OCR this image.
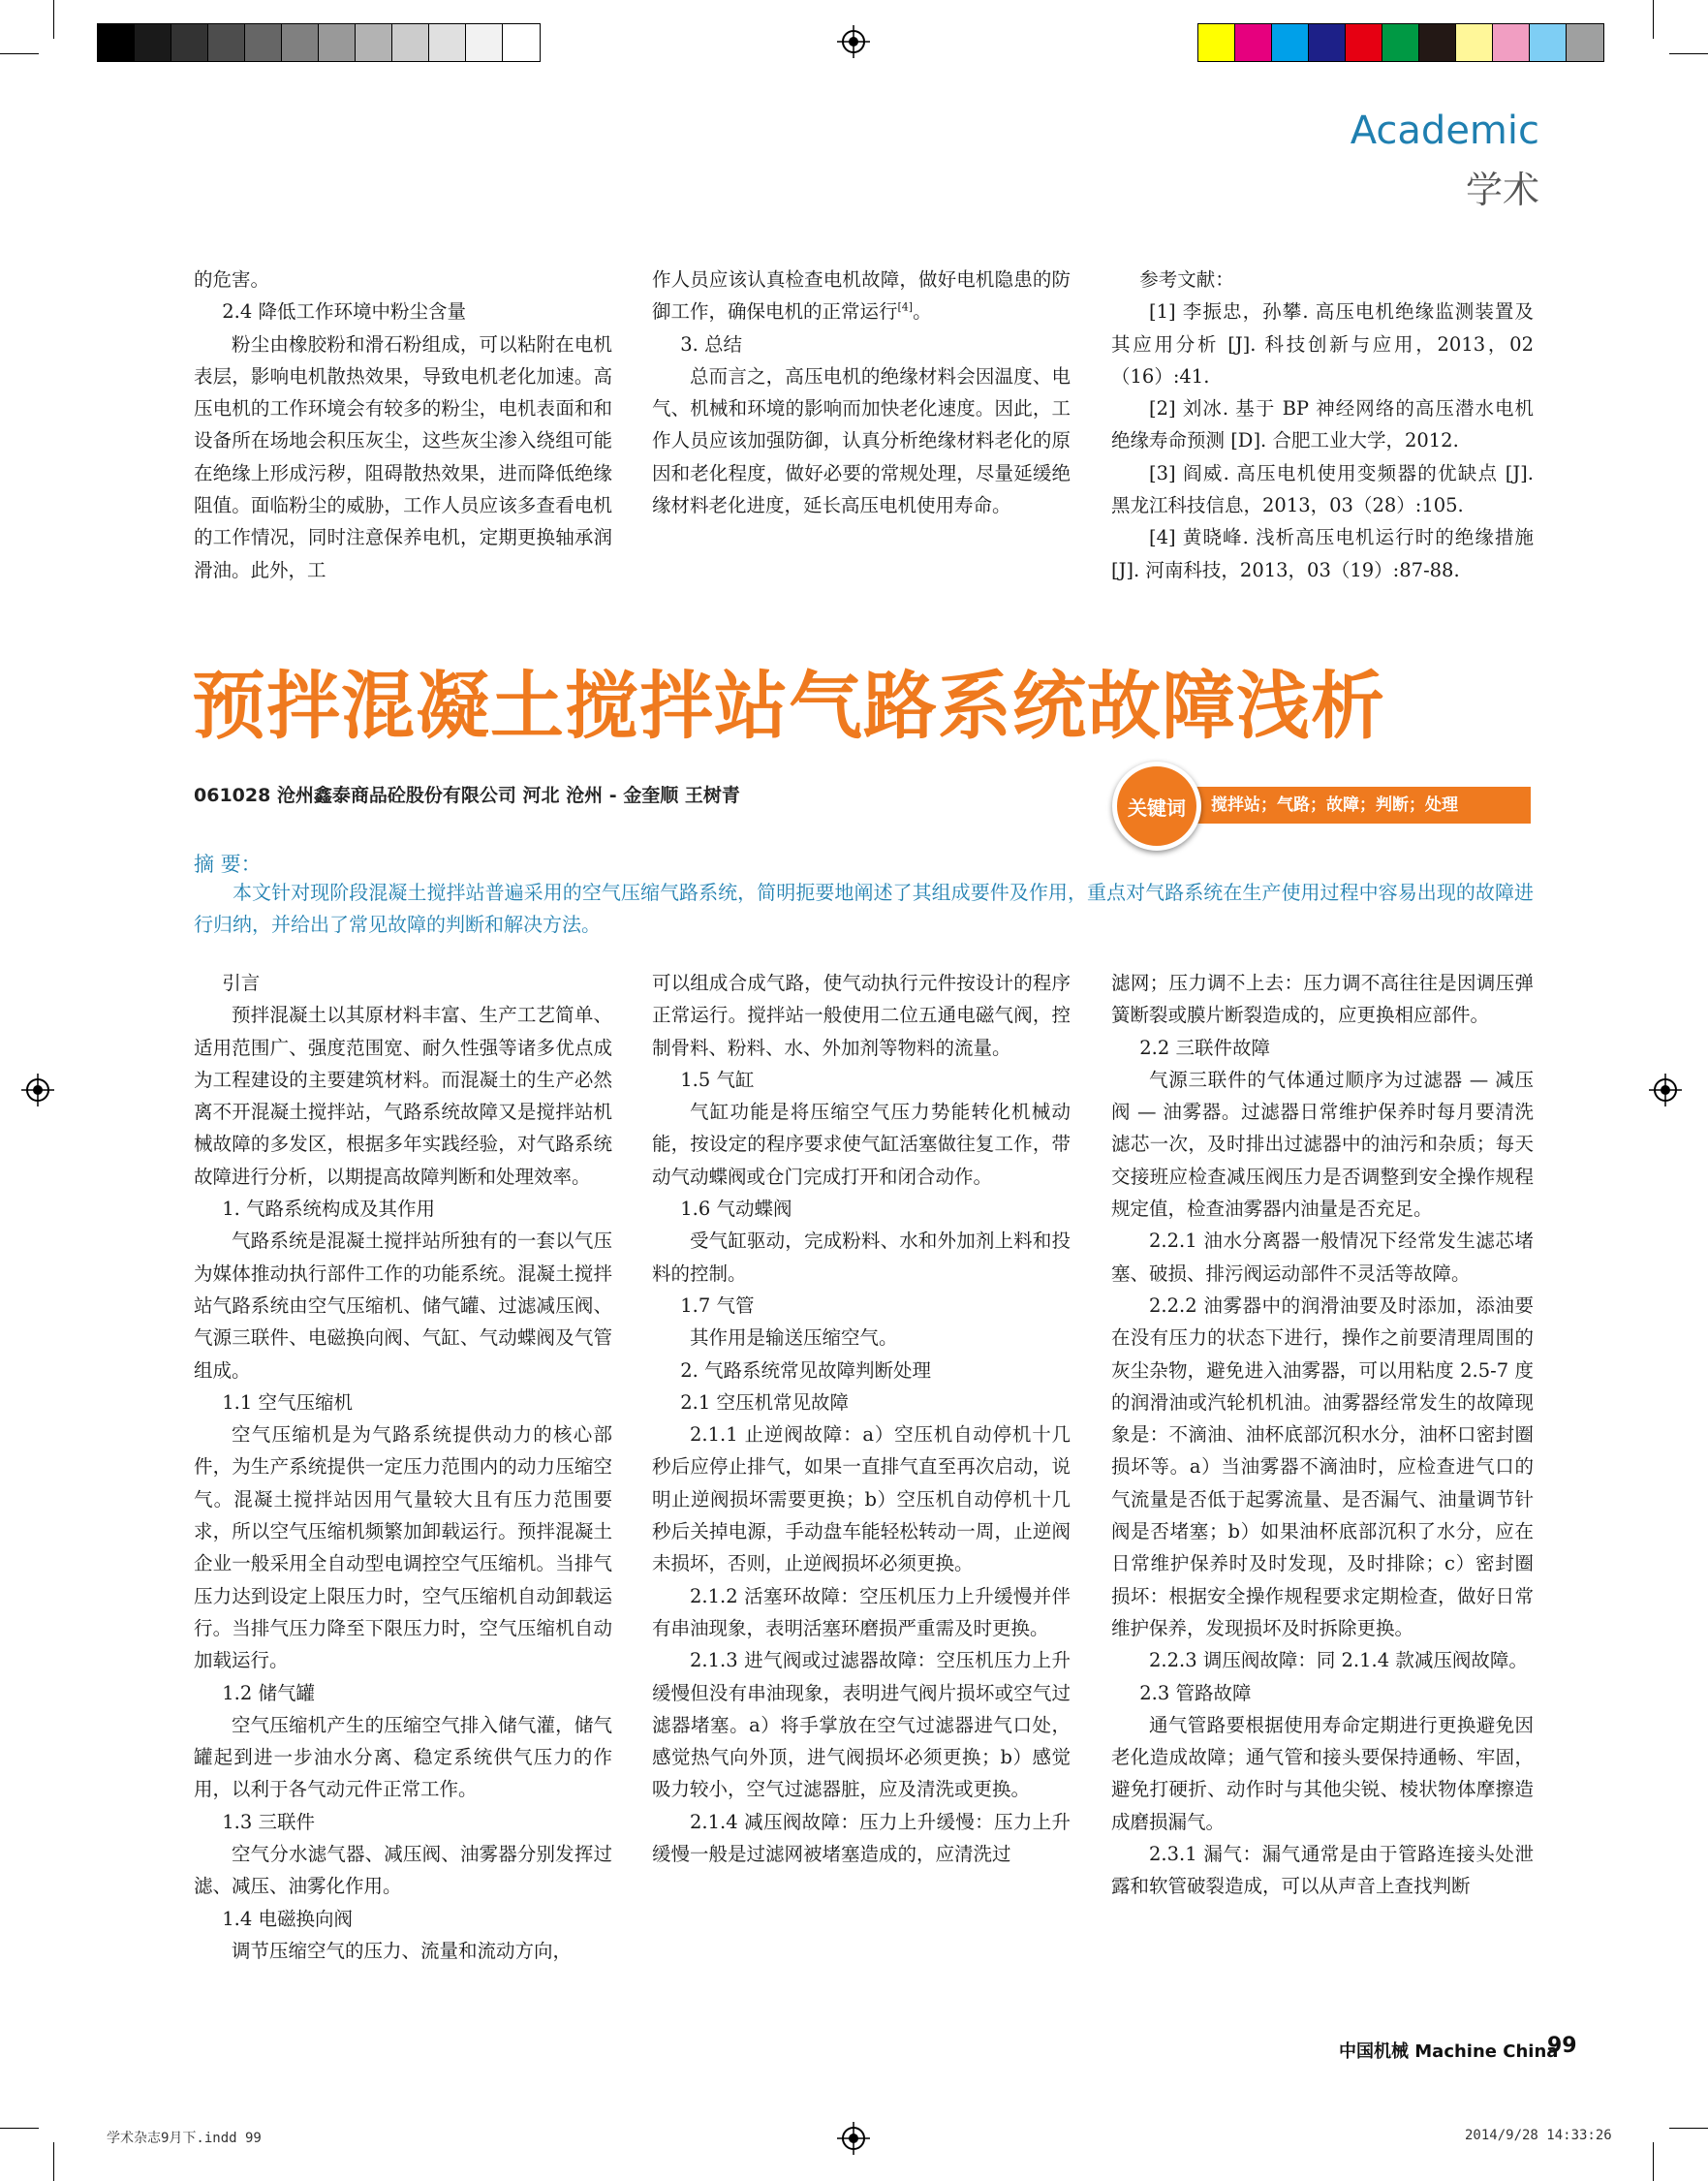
Academic
学术

的危害。

2.4 降低工作环境中粉尘含量

粉尘由橡胶粉和滑石粉组成，可以粘附在电机表层，影响电机散热效果，导致电机老化加速。高压电机的工作环境会有较多的粉尘，电机表面和和设备所在场地会积压灰尘，这些灰尘渗入绕组可能在绝缘上形成污秽，阻碍散热效果，进而降低绝缘阻值。面临粉尘的威胁，工作人员应该多查看电机的工作情况，同时注意保养电机，定期更换轴承润滑油。此外，工

作人员应该认真检查电机故障，做好电机隐患的防御工作，确保电机的正常运行[4]。

3. 总结

总而言之，高压电机的绝缘材料会因温度、电气、机械和环境的影响而加快老化速度。因此，工作人员应该加强防御，认真分析绝缘材料老化的原因和老化程度，做好必要的常规处理，尽量延缓绝缘材料老化进度，延长高压电机使用寿命。

参考文献：

[1] 李振忠，孙攀. 高压电机绝缘监测装置及其应用分析 [J]. 科技创新与应用，2013，02（16）:41.

[2] 刘冰. 基于 BP 神经网络的高压潜水电机绝缘寿命预测 [D]. 合肥工业大学，2012.

[3] 阎威. 高压电机使用变频器的优缺点 [J]. 黑龙江科技信息，2013，03（28）:105.

[4] 黄晓峰. 浅析高压电机运行时的绝缘措施 [J]. 河南科技，2013，03（19）:87-88.

预拌混凝土搅拌站气路系统故障浅析
061028 沧州鑫泰商品砼股份有限公司 河北 沧州 - 金奎顺 王树青	搅拌站；气路；故障；判断；处理
关键词
摘 要：
本文针对现阶段混凝土搅拌站普遍采用的空气压缩气路系统，简明扼要地阐述了其组成要件及作用，重点对气路系统在生产使用过程中容易出现的故障进行归纳，并给出了常见故障的判断和解决方法。

引言

预拌混凝土以其原材料丰富、生产工艺简单、适用范围广、强度范围宽、耐久性强等诸多优点成为工程建设的主要建筑材料。而混凝土的生产必然离不开混凝土搅拌站，气路系统故障又是搅拌站机械故障的多发区，根据多年实践经验，对气路系统故障进行分析，以期提高故障判断和处理效率。

1. 气路系统构成及其作用

气路系统是混凝土搅拌站所独有的一套以气压为媒体推动执行部件工作的功能系统。混凝土搅拌站气路系统由空气压缩机、储气罐、过滤减压阀、气源三联件、电磁换向阀、气缸、气动蝶阀及气管组成。

1.1 空气压缩机

空气压缩机是为气路系统提供动力的核心部件，为生产系统提供一定压力范围内的动力压缩空气。混凝土搅拌站因用气量较大且有压力范围要求，所以空气压缩机频繁加卸载运行。预拌混凝土企业一般采用全自动型电调控空气压缩机。当排气压力达到设定上限压力时，空气压缩机自动卸载运行。当排气压力降至下限压力时，空气压缩机自动加载运行。

1.2 储气罐

空气压缩机产生的压缩空气排入储气灌，储气罐起到进一步油水分离、稳定系统供气压力的作用，以利于各气动元件正常工作。

1.3 三联件

空气分水滤气器、减压阀、油雾器分别发挥过滤、减压、油雾化作用。

1.4 电磁换向阀

调节压缩空气的压力、流量和流动方向，

可以组成合成气路，使气动执行元件按设计的程序正常运行。搅拌站一般使用二位五通电磁气阀，控制骨料、粉料、水、外加剂等物料的流量。

1.5 气缸

气缸功能是将压缩空气压力势能转化机械动能，按设定的程序要求使气缸活塞做往复工作，带动气动蝶阀或仓门完成打开和闭合动作。

1.6 气动蝶阀

受气缸驱动，完成粉料、水和外加剂上料和投料的控制。

1.7 气管

其作用是输送压缩空气。

2. 气路系统常见故障判断处理

2.1 空压机常见故障

2.1.1 止逆阀故障：a）空压机自动停机十几秒后应停止排气，如果一直排气直至再次启动，说明止逆阀损坏需要更换；b）空压机自动停机十几秒后关掉电源，手动盘车能轻松转动一周，止逆阀未损坏，否则，止逆阀损坏必须更换。

2.1.2 活塞环故障：空压机压力上升缓慢并伴有串油现象，表明活塞环磨损严重需及时更换。

2.1.3 进气阀或过滤器故障：空压机压力上升缓慢但没有串油现象，表明进气阀片损坏或空气过滤器堵塞。a）将手掌放在空气过滤器进气口处，感觉热气向外顶，进气阀损坏必须更换；b）感觉吸力较小，空气过滤器脏，应及清洗或更换。

2.1.4 减压阀故障：压力上升缓慢：压力上升缓慢一般是过滤网被堵塞造成的，应清洗过

滤网；压力调不上去：压力调不高往往是因调压弹簧断裂或膜片断裂造成的，应更换相应部件。

2.2 三联件故障

气源三联件的气体通过顺序为过滤器 — 减压阀 — 油雾器。过滤器日常维护保养时每月要清洗滤芯一次，及时排出过滤器中的油污和杂质；每天交接班应检查减压阀压力是否调整到安全操作规程规定值，检查油雾器内油量是否充足。

2.2.1 油水分离器一般情况下经常发生滤芯堵塞、破损、排污阀运动部件不灵活等故障。

2.2.2 油雾器中的润滑油要及时添加，添油要在没有压力的状态下进行，操作之前要清理周围的灰尘杂物，避免进入油雾器，可以用粘度 2.5-7 度的润滑油或汽轮机机油。油雾器经常发生的故障现象是：不滴油、油杯底部沉积水分，油杯口密封圈损坏等。a）当油雾器不滴油时，应检查进气口的气流量是否低于起雾流量、是否漏气、油量调节针阀是否堵塞；b）如果油杯底部沉积了水分，应在日常维护保养时及时发现，及时排除；c）密封圈损坏：根据安全操作规程要求定期检查，做好日常维护保养，发现损坏及时拆除更换。

2.2.3 调压阀故障：同 2.1.4 款减压阀故障。

2.3 管路故障

通气管路要根据使用寿命定期进行更换避免因老化造成故障；通气管和接头要保持通畅、牢固，避免打硬折、动作时与其他尖锐、棱状物体摩擦造成磨损漏气。

2.3.1 漏气：漏气通常是由于管路连接头处泄露和软管破裂造成，可以从声音上查找判断

中国机械 Machine China
99
学术杂志9月下.indd 99	2014/9/28 14:33:26
